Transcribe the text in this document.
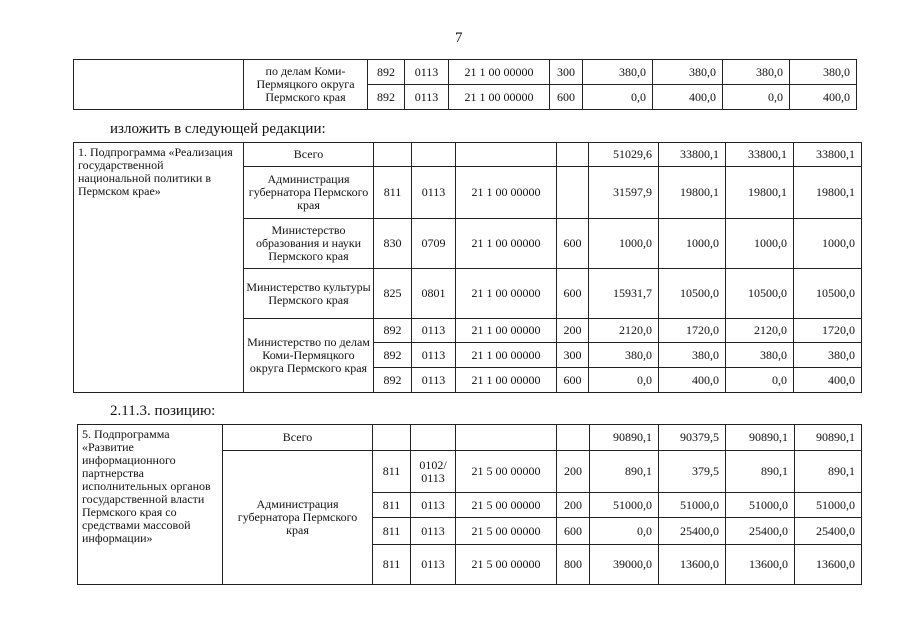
7
	по делам Коми-Пермяцкого округа Пермского края	892	0113	21 1 00 00000	300	380,0	380,0	380,0	380,0
		892	0113	21 1 00 00000	600	0,0	400,0	0,0	400,0
изложить в следующей редакции:
1. Подпрограмма «Реализация государственной национальной политики в Пермском крае»	Всего					51029,6	33800,1	33800,1	33800,1
	Администрация губернатора Пермского края	811	0113	21 1 00 00000		31597,9	19800,1	19800,1	19800,1
	Министерство образования и науки Пермского края	830	0709	21 1 00 00000	600	1000,0	1000,0	1000,0	1000,0
	Министерство культуры Пермского края	825	0801	21 1 00 00000	600	15931,7	10500,0	10500,0	10500,0
	Министерство по делам Коми-Пермяцкого округа Пермского края	892	0113	21 1 00 00000	200	2120,0	1720,0	2120,0	1720,0
		892	0113	21 1 00 00000	300	380,0	380,0	380,0	380,0
		892	0113	21 1 00 00000	600	0,0	400,0	0,0	400,0
2.11.3. позицию:
5. Подпрограмма «Развитие информационного партнерства исполнительных органов государственной власти Пермского края со средствами массовой информации»	Всего					90890,1	90379,5	90890,1	90890,1
	Администрация губернатора Пермского края	811	0102/ 0113	21 5 00 00000	200	890,1	379,5	890,1	890,1
		811	0113	21 5 00 00000	200	51000,0	51000,0	51000,0	51000,0
		811	0113	21 5 00 00000	600	0,0	25400,0	25400,0	25400,0
		811	0113	21 5 00 00000	800	39000,0	13600,0	13600,0	13600,0
